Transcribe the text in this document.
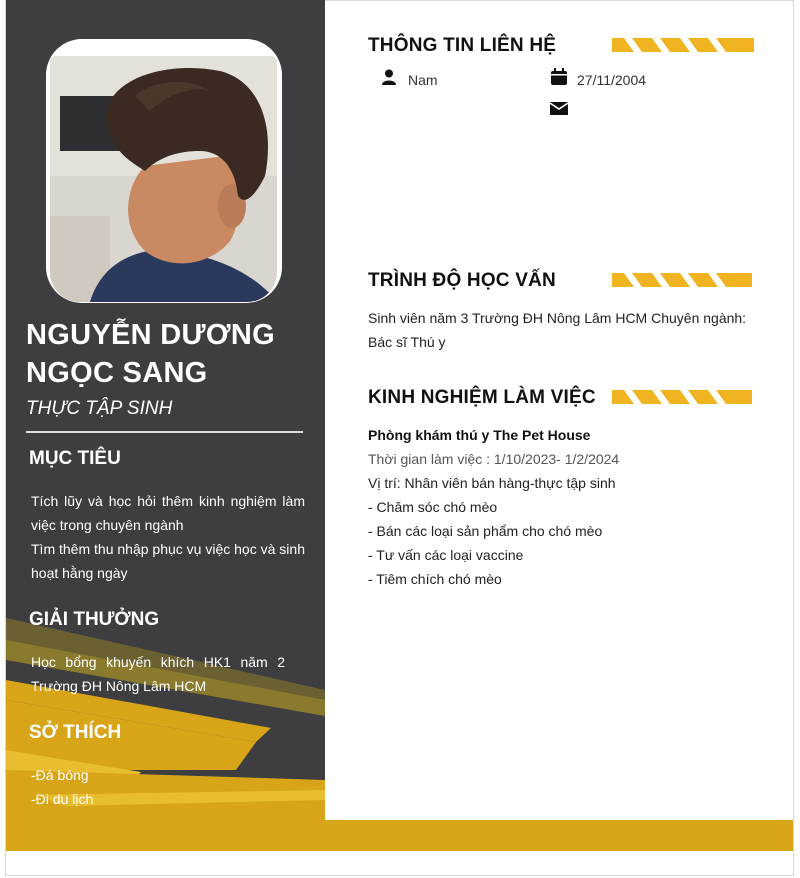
NGUYỄN DƯƠNG
NGỌC SANG
THỰC TẬP SINH
MỤC TIÊU
Tích lũy và học hỏi thêm kinh nghiệm làm
việc trong chuyên ngành
Tìm thêm thu nhập phục vụ việc học và sinh
hoạt hằng ngày
GIẢI THƯỞNG
Học bổng khuyến khích HK1 năm 2
Trường ĐH Nông Lâm HCM
SỞ THÍCH
-Đá bóng
-Đi du lịch
THÔNG TIN LIÊN HỆ
Nam	27/11/2004
TRÌNH ĐỘ HỌC VẤN
Sinh viên năm 3 Trường ĐH Nông Lâm HCM Chuyên ngành:
Bác sĩ Thú y
KINH NGHIỆM LÀM VIỆC
Phòng khám thú y The Pet House
Thời gian làm việc : 1/10/2023- 1/2/2024
Vị trí: Nhân viên bán hàng-thực tập sinh
- Chăm sóc chó mèo
- Bán các loại sản phẩm cho chó mèo
- Tư vấn các loại vaccine
- Tiêm chích chó mèo
